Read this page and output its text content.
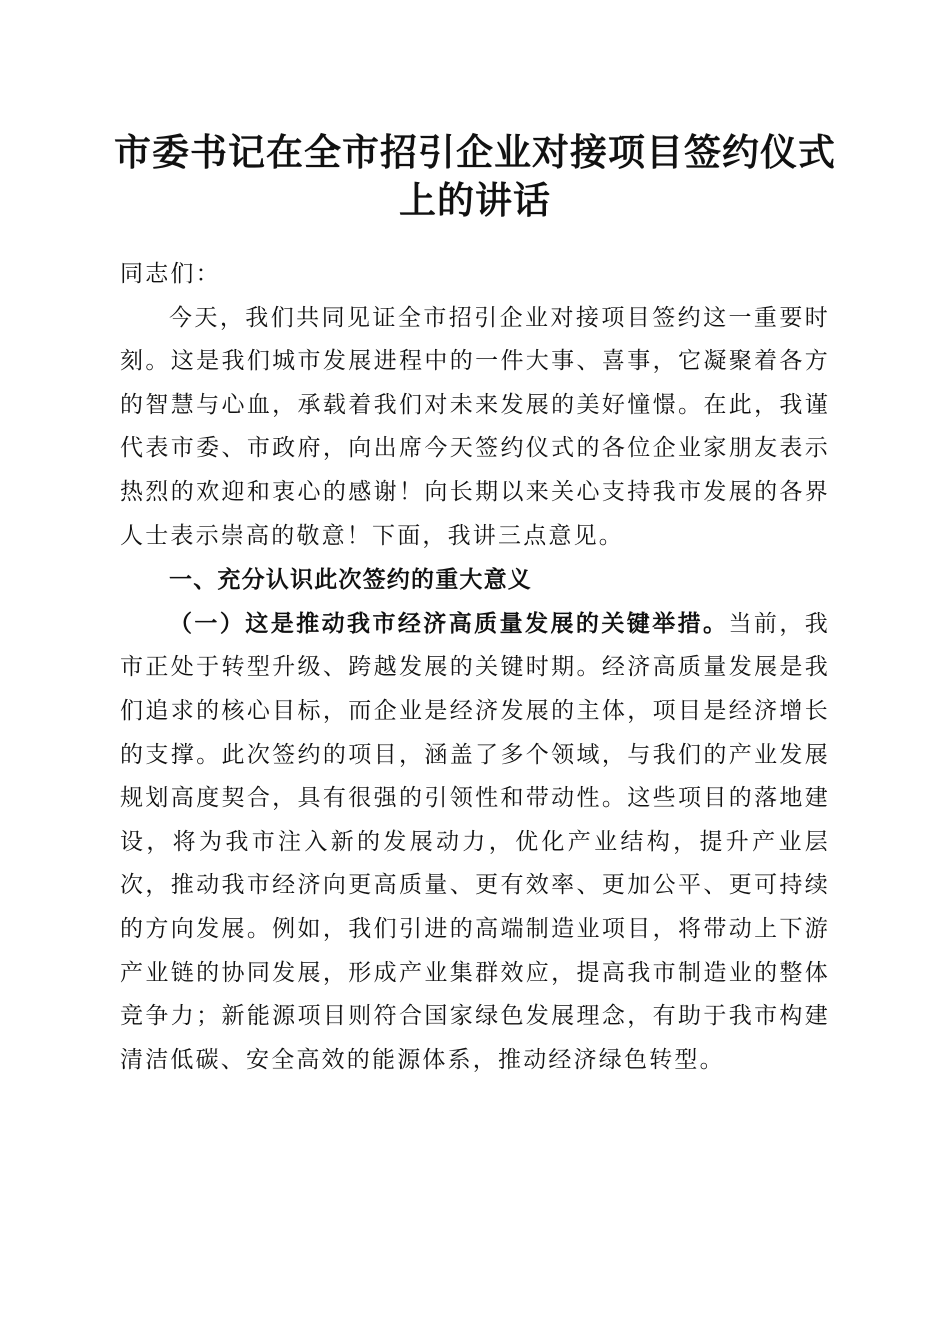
市委书记在全市招引企业对接项目签约仪式上的讲话

同志们：

今天，我们共同见证全市招引企业对接项目签约这一重要时刻。这是我们城市发展进程中的一件大事、喜事，它凝聚着各方的智慧与心血，承载着我们对未来发展的美好憧憬。在此，我谨代表市委、市政府，向出席今天签约仪式的各位企业家朋友表示热烈的欢迎和衷心的感谢！向长期以来关心支持我市发展的各界人士表示崇高的敬意！下面，我讲三点意见。

一、充分认识此次签约的重大意义

（一）这是推动我市经济高质量发展的关键举措。当前，我市正处于转型升级、跨越发展的关键时期。经济高质量发展是我们追求的核心目标，而企业是经济发展的主体，项目是经济增长的支撑。此次签约的项目，涵盖了多个领域，与我们的产业发展规划高度契合，具有很强的引领性和带动性。这些项目的落地建设，将为我市注入新的发展动力，优化产业结构，提升产业层次，推动我市经济向更高质量、更有效率、更加公平、更可持续的方向发展。例如，我们引进的高端制造业项目，将带动上下游产业链的协同发展，形成产业集群效应，提高我市制造业的整体竞争力；新能源项目则符合国家绿色发展理念，有助于我市构建清洁低碳、安全高效的能源体系，推动经济绿色转型。
